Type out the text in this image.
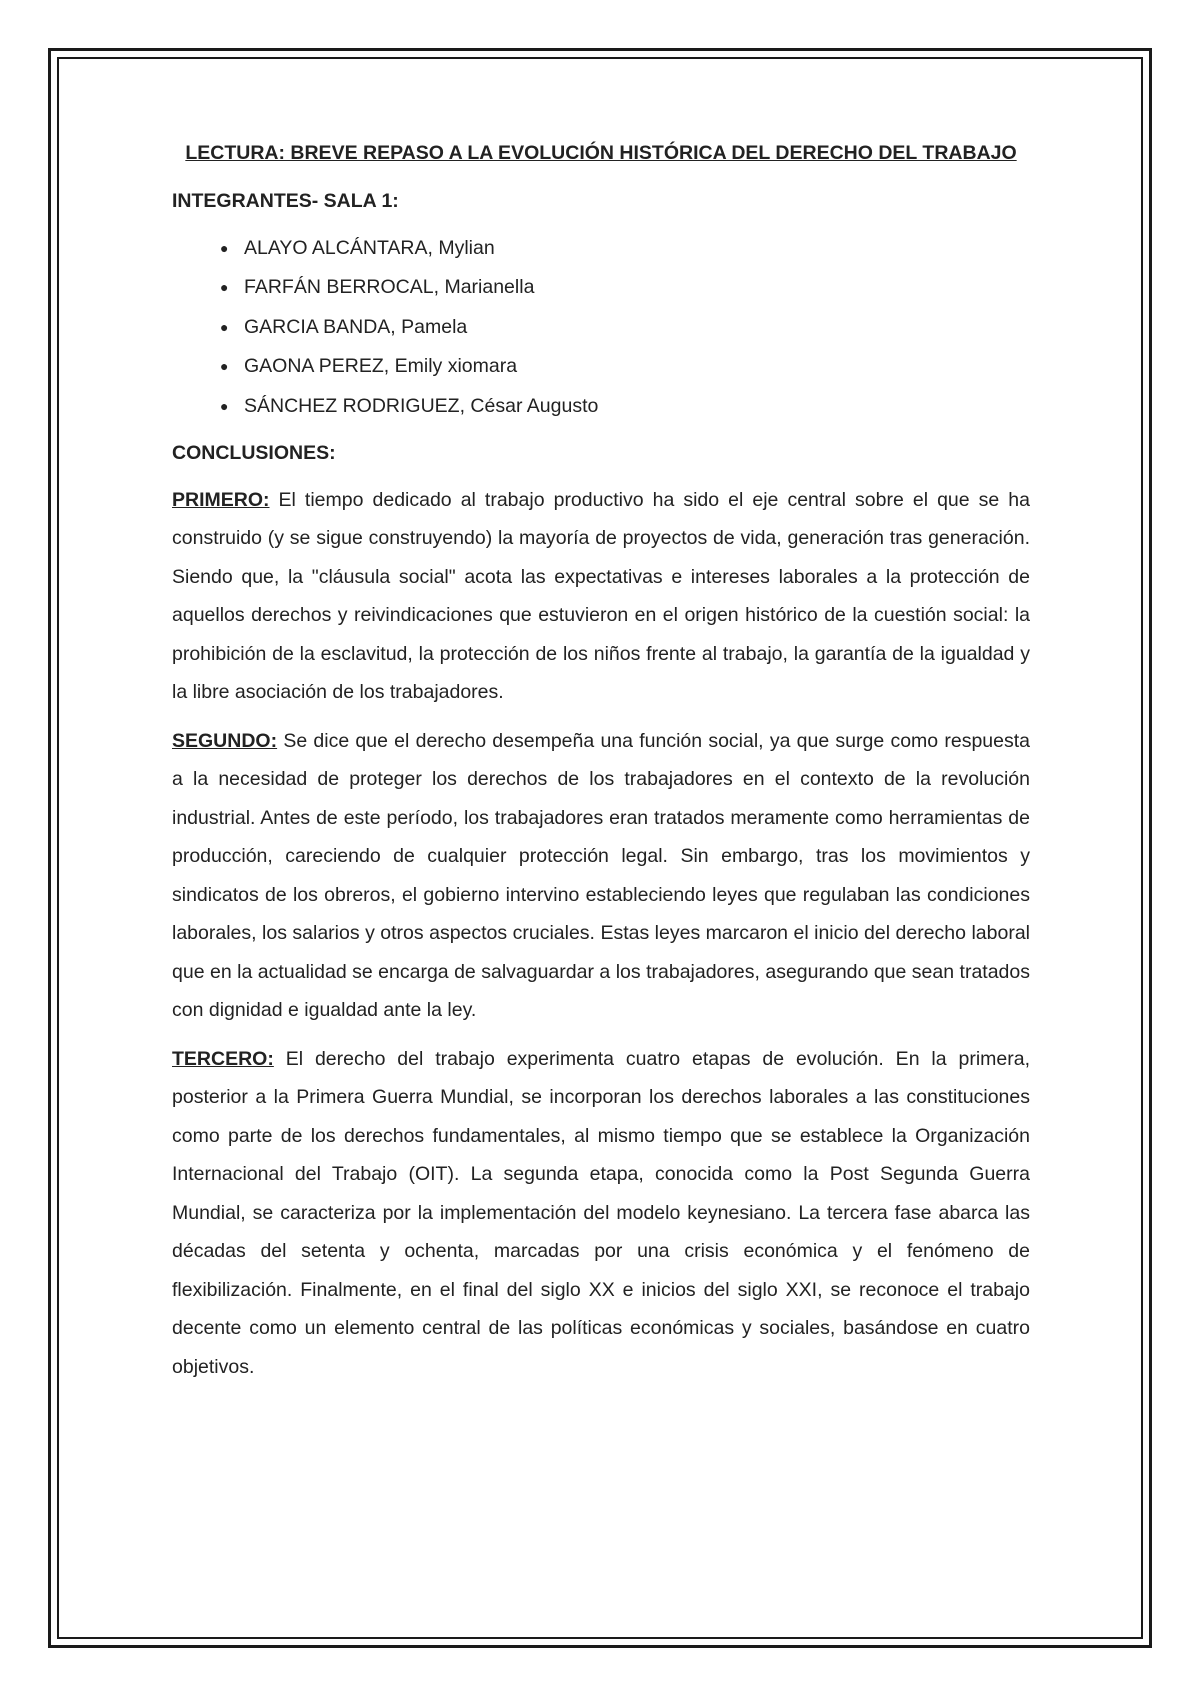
LECTURA: BREVE REPASO A LA EVOLUCIÓN HISTÓRICA DEL DERECHO DEL TRABAJO
INTEGRANTES- SALA 1:
● ALAYO ALCÁNTARA, Mylian
● FARFÁN BERROCAL, Marianella
● GARCIA BANDA, Pamela
● GAONA PEREZ, Emily xiomara
● SÁNCHEZ RODRIGUEZ, César Augusto
CONCLUSIONES:

PRIMERO: El tiempo dedicado al trabajo productivo ha sido el eje central sobre el que se ha construido (y se sigue construyendo) la mayoría de proyectos de vida, generación tras generación. Siendo que, la "cláusula social" acota las expectativas e intereses laborales a la protección de aquellos derechos y reivindicaciones que estuvieron en el origen histórico de la cuestión social: la prohibición de la esclavitud, la protección de los niños frente al trabajo, la garantía de la igualdad y la libre asociación de los trabajadores.

SEGUNDO: Se dice que el derecho desempeña una función social, ya que surge como respuesta a la necesidad de proteger los derechos de los trabajadores en el contexto de la revolución industrial. Antes de este período, los trabajadores eran tratados meramente como herramientas de producción, careciendo de cualquier protección legal. Sin embargo, tras los movimientos y sindicatos de los obreros, el gobierno intervino estableciendo leyes que regulaban las condiciones laborales, los salarios y otros aspectos cruciales. Estas leyes marcaron el inicio del derecho laboral que en la actualidad se encarga de salvaguardar a los trabajadores, asegurando que sean tratados con dignidad e igualdad ante la ley.

TERCERO: El derecho del trabajo experimenta cuatro etapas de evolución. En la primera, posterior a la Primera Guerra Mundial, se incorporan los derechos laborales a las constituciones como parte de los derechos fundamentales, al mismo tiempo que se establece la Organización Internacional del Trabajo (OIT). La segunda etapa, conocida como la Post Segunda Guerra Mundial, se caracteriza por la implementación del modelo keynesiano. La tercera fase abarca las décadas del setenta y ochenta, marcadas por una crisis económica y el fenómeno de flexibilización. Finalmente, en el final del siglo XX e inicios del siglo XXI, se reconoce el trabajo decente como un elemento central de las políticas económicas y sociales, basándose en cuatro objetivos.
